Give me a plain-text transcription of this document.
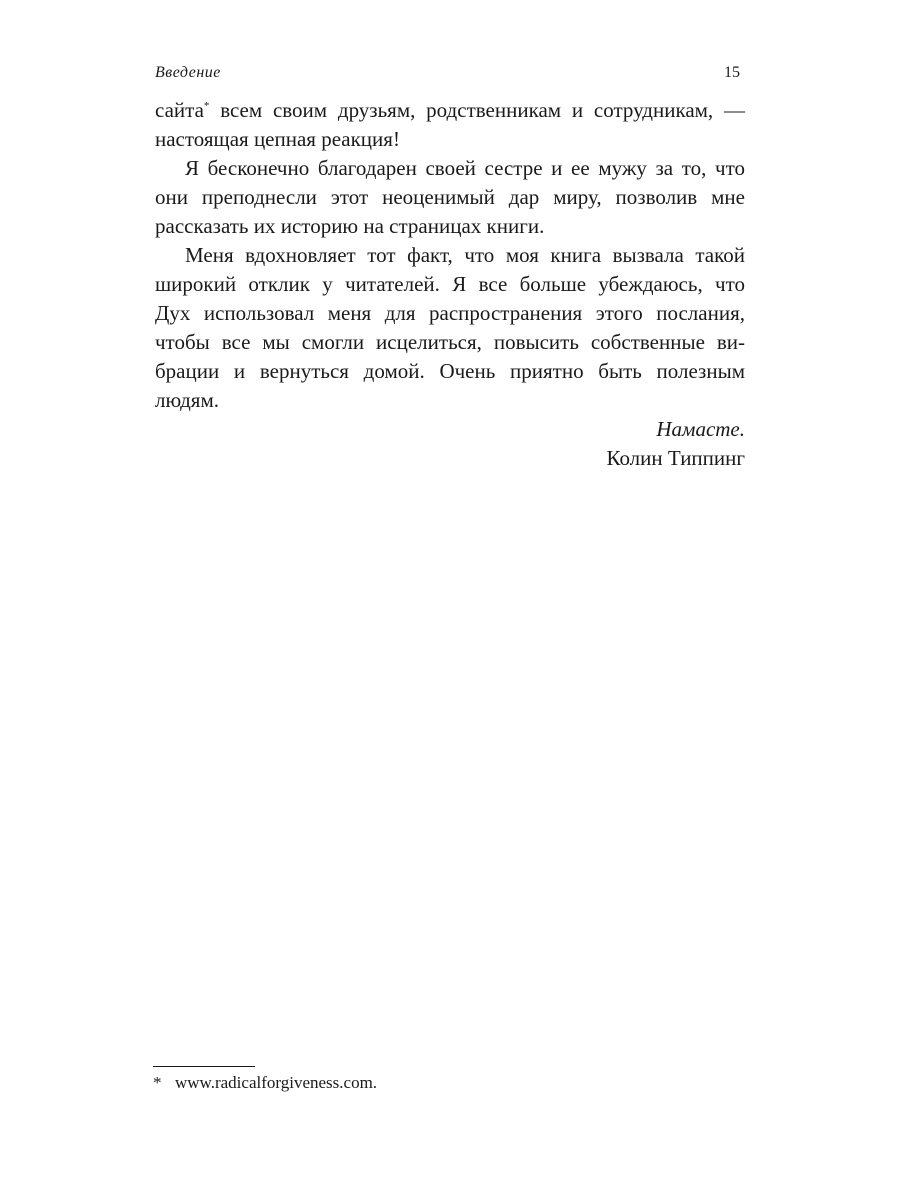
Введение	15
сайта* всем своим друзьям, родственникам и сотрудникам, —
настоящая цепная реакция!
Я бесконечно благодарен своей сестре и ее мужу за то, что
они преподнесли этот неоценимый дар миру, позволив мне
рассказать их историю на страницах книги.
Меня вдохновляет тот факт, что моя книга вызвала такой
широкий отклик у читателей. Я все больше убеждаюсь, что
Дух использовал меня для распространения этого послания,
чтобы все мы смогли исцелиться, повысить собственные ви-
брации и вернуться домой. Очень приятно быть полезным
людям.
Намасте.
Колин Типпинг
* www.radicalforgiveness.com.
